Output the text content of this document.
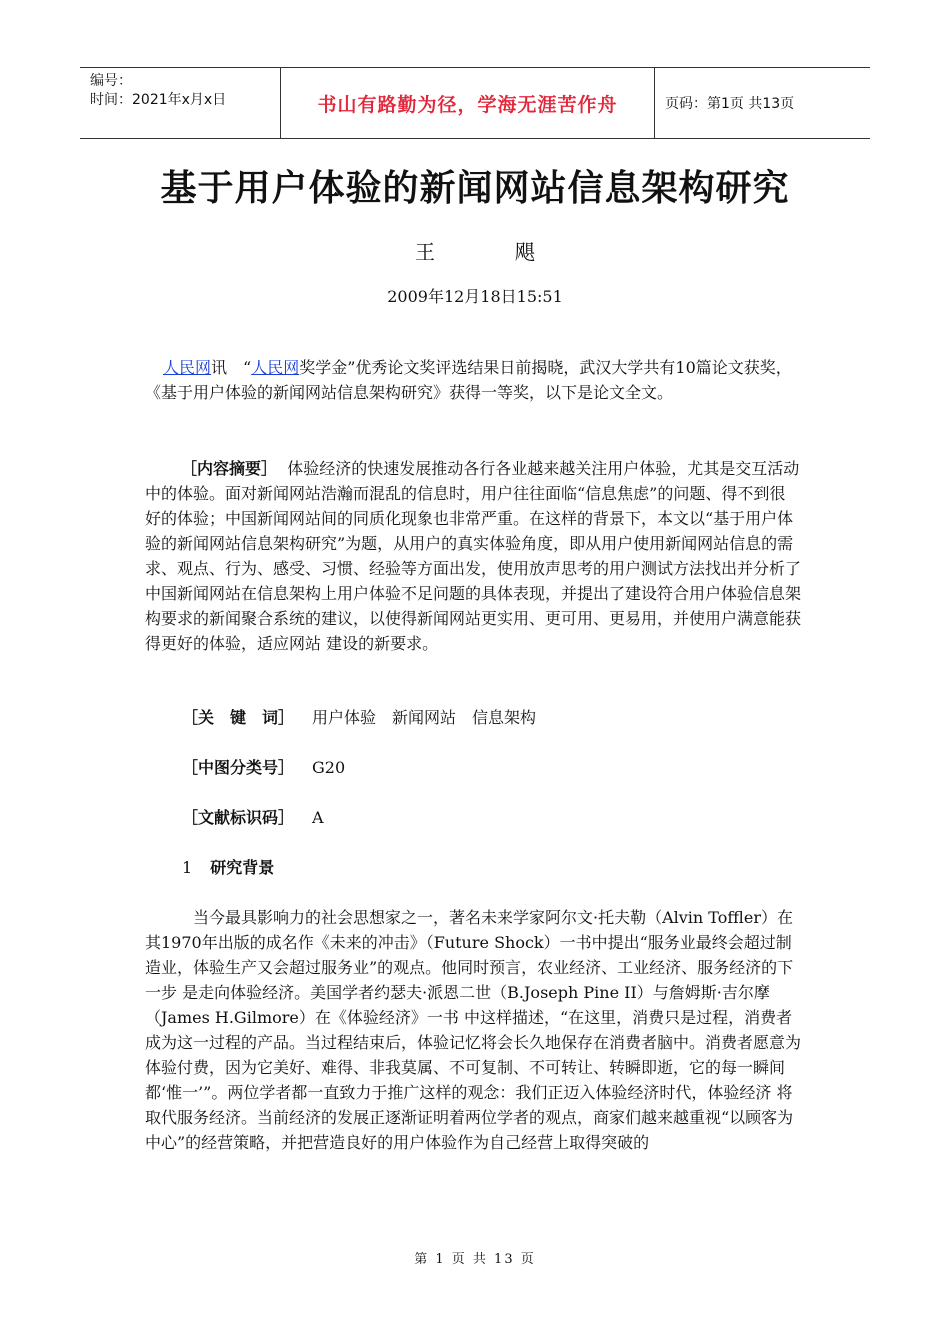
编号：
时间：2021年x月x日	书山有路勤为径，学海无涯苦作舟	页码：第1页 共13页
基于用户体验的新闻网站信息架构研究
王	飓
2009年12月18日15:51

人民网讯　“人民网奖学金”优秀论文奖评选结果日前揭晓，武汉大学共有10篇论文获奖，《基于用户体验的新闻网站信息架构研究》获得一等奖，以下是论文全文。

［内容摘要］ 体验经济的快速发展推动各行各业越来越关注用户体验，尤其是交互活动中的体验。面对新闻网站浩瀚而混乱的信息时，用户往往面临“信息焦虑”的问题、得不到很 好的体验；中国新闻网站间的同质化现象也非常严重。在这样的背景下，本文以“基于用户体验的新闻网站信息架构研究”为题，从用户的真实体验角度，即从用户使用新闻网站信息的需求、观点、行为、感受、习惯、经验等方面出发，使用放声思考的用户测试方法找出并分析了中国新闻网站在信息架构上用户体验不足问题的具体表现，并提出了建设符合用户体验信息架构要求的新闻聚合系统的建议，以使得新闻网站更实用、更可用、更易用，并使用户满意能获得更好的体验，适应网站 建设的新要求。

［关　键　词］ 用户体验　新闻网站　信息架构
［中图分类号］ G20
［文献标识码］ A
1 研究背景

当今最具影响力的社会思想家之一，著名未来学家阿尔文·托夫勒（Alvin Toffler）在其1970年出版的成名作《未来的冲击》（Future Shock）一书中提出“服务业最终会超过制造业，体验生产又会超过服务业”的观点。他同时预言，农业经济、工业经济、服务经济的下一步 是走向体验经济。美国学者约瑟夫·派恩二世（B.Joseph Pine II）与詹姆斯·吉尔摩（James H.Gilmore）在《体验经济》一书 中这样描述，“在这里，消费只是过程，消费者成为这一过程的产品。当过程结束后，体验记忆将会长久地保存在消费者脑中。消费者愿意为体验付费，因为它美好、难得、非我莫属、不可复制、不可转让、转瞬即逝，它的每一瞬间都‘惟一’”。两位学者都一直致力于推广这样的观念：我们正迈入体验经济时代，体验经济 将取代服务经济。当前经济的发展正逐渐证明着两位学者的观点，商家们越来越重视“以顾客为中心”的经营策略，并把营造良好的用户体验作为自己经营上取得突破的

第 1 页 共 13 页
